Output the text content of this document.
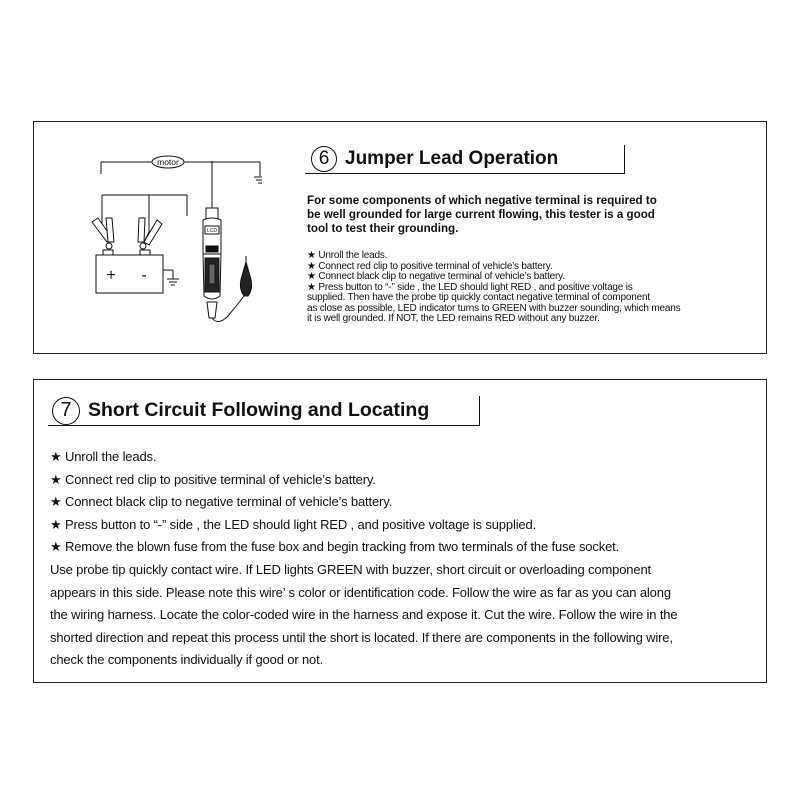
motor
+ -
LCD
6 Jumper Lead Operation
For some components of which negative terminal is required to
be well grounded for large current flowing, this tester is a good
tool to test their grounding.
★ Unroll the leads.
★ Connect red clip to positive terminal of vehicle’s battery.
★ Connect black clip to negative terminal of vehicle’s battery.
★ Press button to “-” side , the LED should light RED , and positive voltage is
supplied. Then have the probe tip quickly contact negative terminal of component
as close as possible, LED indicator turns to GREEN with buzzer sounding, which means
it is well grounded. If NOT, the LED remains RED without any buzzer.
7 Short Circuit Following and Locating
★ Unroll the leads.
★ Connect red clip to positive terminal of vehicle’s battery.
★ Connect black clip to negative terminal of vehicle’s battery.
★ Press button to “-” side , the LED should light RED , and positive voltage is supplied.
★ Remove the blown fuse from the fuse box and begin tracking from two terminals of the fuse socket.
Use probe tip quickly contact wire. If LED lights GREEN with buzzer, short circuit or overloading component
appears in this side. Please note this wire’ s color or identification code. Follow the wire as far as you can along
the wiring harness. Locate the color-coded wire in the harness and expose it. Cut the wire. Follow the wire in the
shorted direction and repeat this process until the short is located. If there are components in the following wire,
check the components individually if good or not.
